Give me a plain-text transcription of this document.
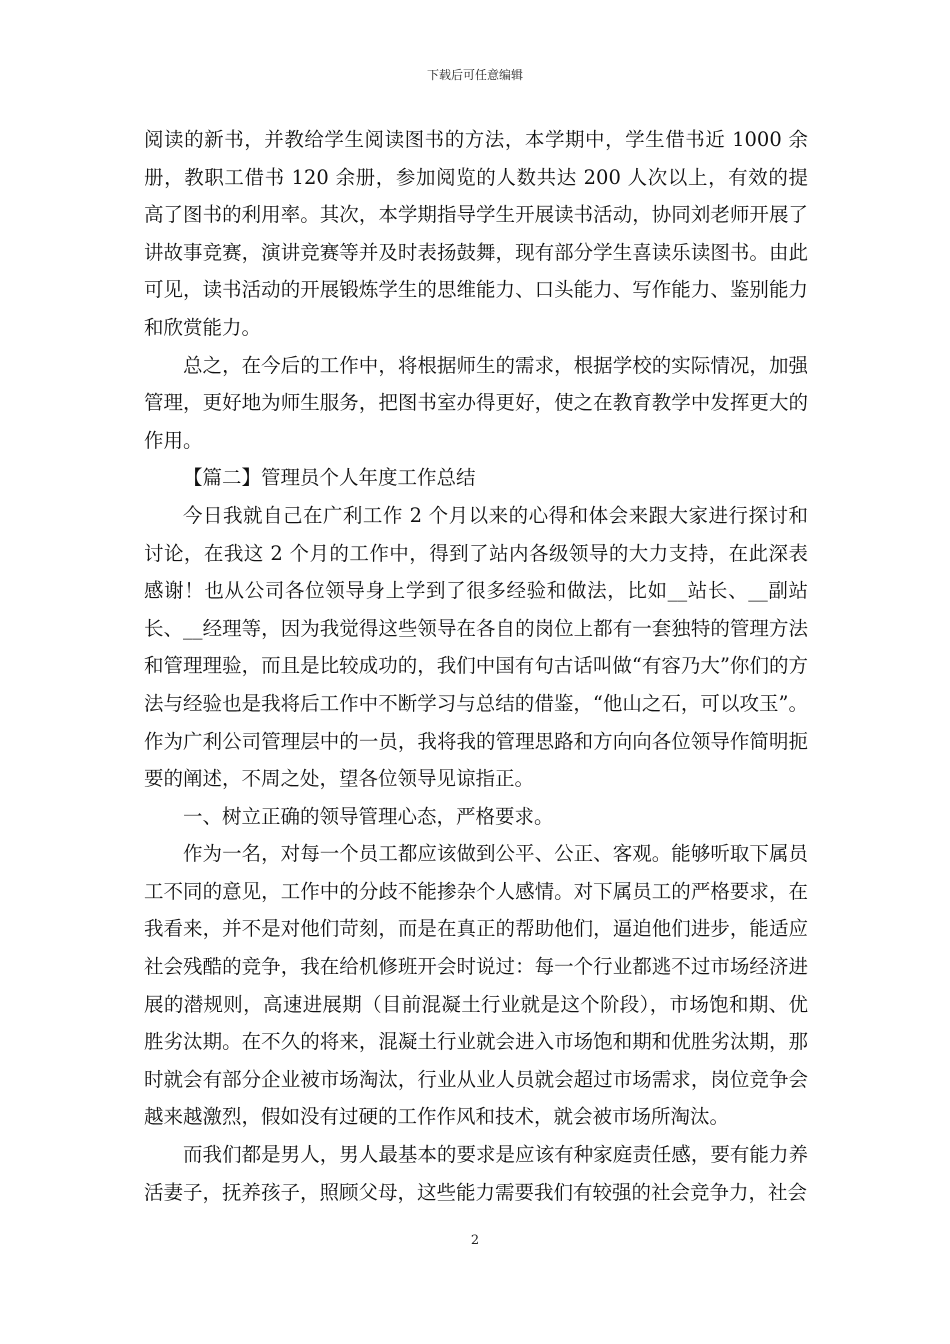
下载后可任意编辑

阅读的新书，并教给学生阅读图书的方法，本学期中，学生借书近 1000 余册，教职工借书 120 余册，参加阅览的人数共达 200 人次以上，有效的提高了图书的利用率。其次，本学期指导学生开展读书活动，协同刘老师开展了讲故事竞赛，演讲竞赛等并及时表扬鼓舞，现有部分学生喜读乐读图书。由此可见，读书活动的开展锻炼学生的思维能力、口头能力、写作能力、鉴别能力和欣赏能力。

总之，在今后的工作中，将根据师生的需求，根据学校的实际情况，加强管理，更好地为师生服务，把图书室办得更好，使之在教育教学中发挥更大的作用。

【篇二】管理员个人年度工作总结

今日我就自己在广利工作 2 个月以来的心得和体会来跟大家进行探讨和讨论，在我这 2 个月的工作中，得到了站内各级领导的大力支持，在此深表感谢！也从公司各位领导身上学到了很多经验和做法，比如__站长、__副站长、__经理等，因为我觉得这些领导在各自的岗位上都有一套独特的管理方法和管理理验，而且是比较成功的，我们中国有句古话叫做“有容乃大”你们的方法与经验也是我将后工作中不断学习与总结的借鉴，“他山之石，可以攻玉”。作为广利公司管理层中的一员，我将我的管理思路和方向向各位领导作简明扼要的阐述，不周之处，望各位领导见谅指正。

一、树立正确的领导管理心态，严格要求。

作为一名，对每一个员工都应该做到公平、公正、客观。能够听取下属员工不同的意见，工作中的分歧不能掺杂个人感情。对下属员工的严格要求，在我看来，并不是对他们苛刻，而是在真正的帮助他们，逼迫他们进步，能适应社会残酷的竞争，我在给机修班开会时说过：每一个行业都逃不过市场经济进展的潜规则，高速进展期（目前混凝土行业就是这个阶段），市场饱和期、优胜劣汰期。在不久的将来，混凝土行业就会进入市场饱和期和优胜劣汰期，那时就会有部分企业被市场淘汰，行业从业人员就会超过市场需求，岗位竞争会越来越激烈，假如没有过硬的工作作风和技术，就会被市场所淘汰。

而我们都是男人，男人最基本的要求是应该有种家庭责任感，要有能力养活妻子，抚养孩子，照顾父母，这些能力需要我们有较强的社会竞争力，社会

2
